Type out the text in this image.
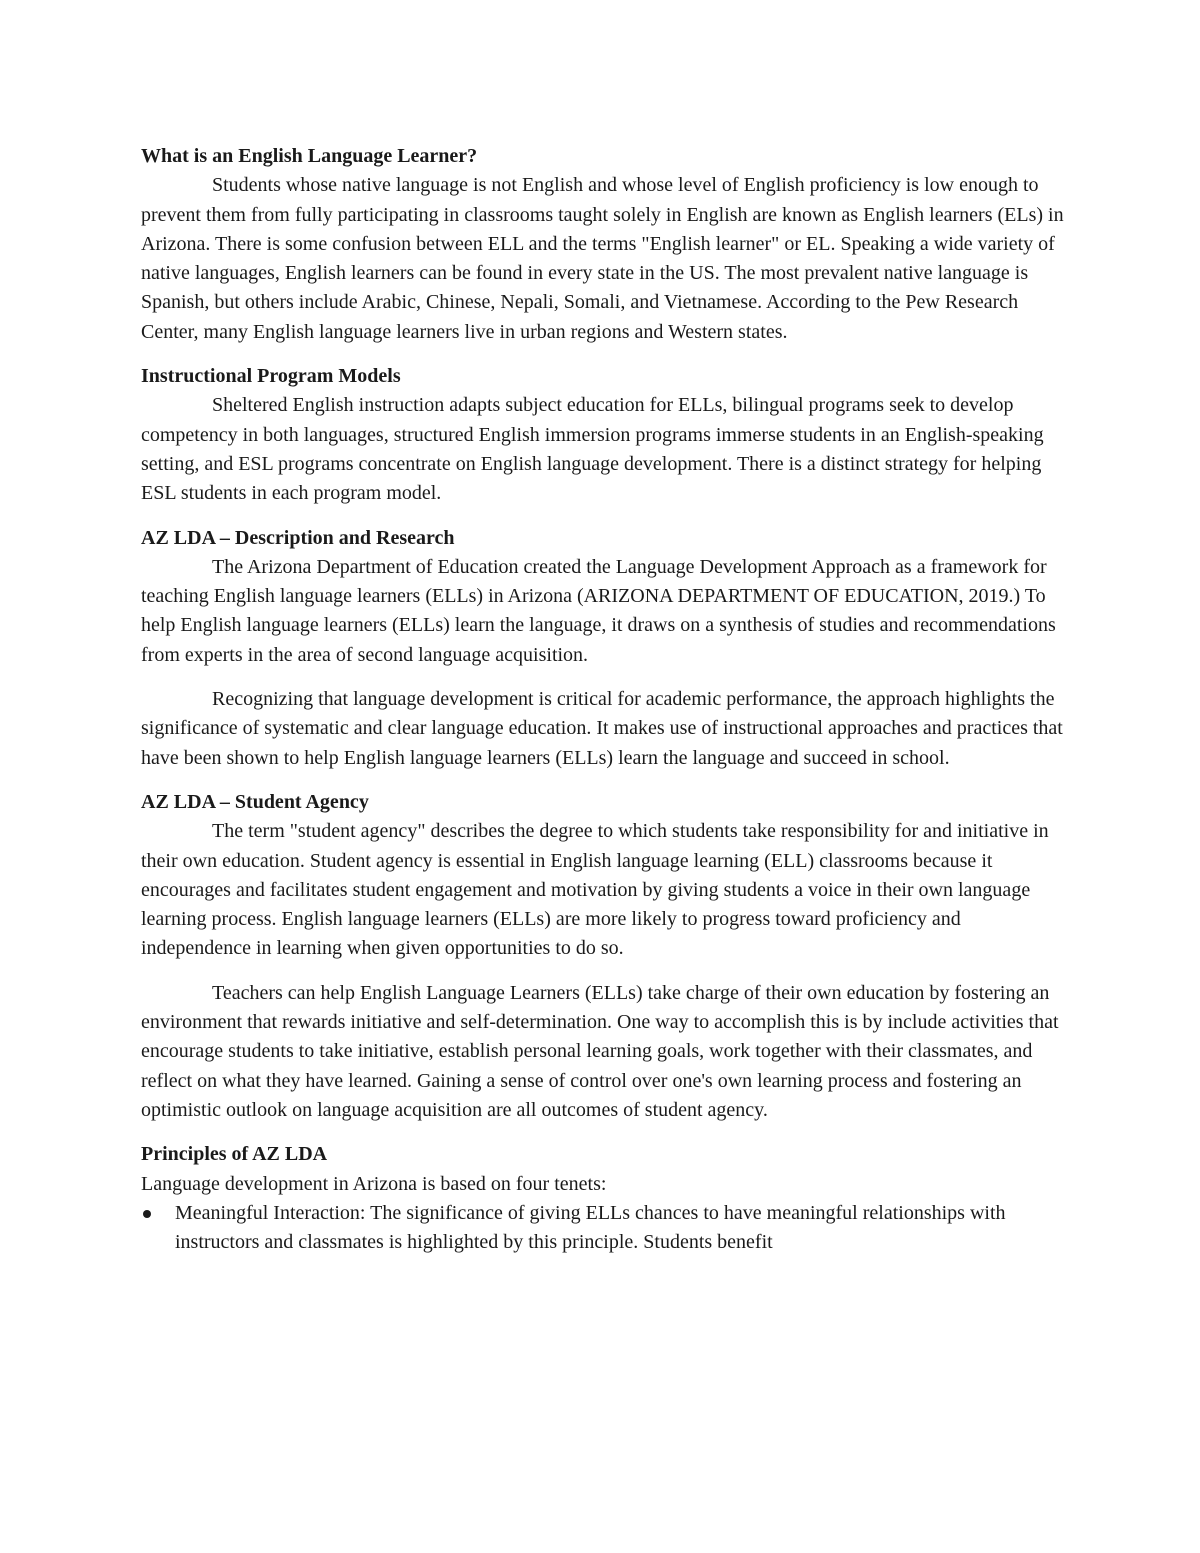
What is an English Language Learner?

Students whose native language is not English and whose level of English proficiency is low enough to prevent them from fully participating in classrooms taught solely in English are known as English learners (ELs) in Arizona. There is some confusion between ELL and the terms "English learner" or EL. Speaking a wide variety of native languages, English learners can be found in every state in the US. The most prevalent native language is Spanish, but others include Arabic, Chinese, Nepali, Somali, and Vietnamese. According to the Pew Research Center, many English language learners live in urban regions and Western states.

Instructional Program Models

Sheltered English instruction adapts subject education for ELLs, bilingual programs seek to develop competency in both languages, structured English immersion programs immerse students in an English-speaking setting, and ESL programs concentrate on English language development. There is a distinct strategy for helping ESL students in each program model.

AZ LDA – Description and Research

The Arizona Department of Education created the Language Development Approach as a framework for teaching English language learners (ELLs) in Arizona (ARIZONA DEPARTMENT OF EDUCATION, 2019.) To help English language learners (ELLs) learn the language, it draws on a synthesis of studies and recommendations from experts in the area of second language acquisition.

Recognizing that language development is critical for academic performance, the approach highlights the significance of systematic and clear language education. It makes use of instructional approaches and practices that have been shown to help English language learners (ELLs) learn the language and succeed in school.

AZ LDA – Student Agency

The term "student agency" describes the degree to which students take responsibility for and initiative in their own education. Student agency is essential in English language learning (ELL) classrooms because it encourages and facilitates student engagement and motivation by giving students a voice in their own language learning process. English language learners (ELLs) are more likely to progress toward proficiency and independence in learning when given opportunities to do so.

Teachers can help English Language Learners (ELLs) take charge of their own education by fostering an environment that rewards initiative and self-determination. One way to accomplish this is by include activities that encourage students to take initiative, establish personal learning goals, work together with their classmates, and reflect on what they have learned. Gaining a sense of control over one's own learning process and fostering an optimistic outlook on language acquisition are all outcomes of student agency.

Principles of AZ LDA

Language development in Arizona is based on four tenets:

Meaningful Interaction: The significance of giving ELLs chances to have meaningful relationships with instructors and classmates is highlighted by this principle. Students benefit
